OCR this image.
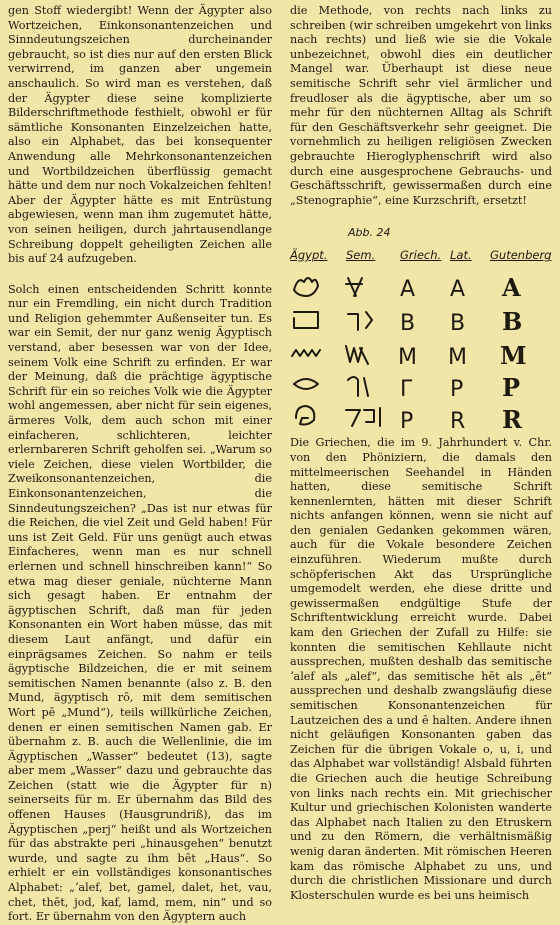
gen Stoff wiedergibt! Wenn der Ägypter also Wortzeichen, Einkonsonantenzeichen und Sinndeutungszeichen durcheinander gebraucht, so ist dies nur auf den ersten Blick verwirrend, im ganzen aber ungemein anschaulich. So wird man es verstehen, daß der Ägypter diese seine komplizierte Bilderschriftmethode festhielt, obwohl er für sämtliche Konsonanten Einzelzeichen hatte, also ein Alphabet, das bei konsequenter Anwendung alle Mehrkonsonantenzeichen und Wortbildzeichen überflüssig gemacht hätte und dem nur noch Vokalzeichen fehlten! Aber der Ägypter hätte es mit Entrüstung abgewiesen, wenn man ihm zugemutet hätte, von seinen heiligen, durch jahrtausendlange Schreibung doppelt geheiligten Zeichen alle bis auf 24 aufzugeben.

Solch einen entscheidenden Schritt konnte nur ein Fremdling, ein nicht durch Tradition und Religion gehemmter Außenseiter tun. Es war ein Semit, der nur ganz wenig Ägyptisch verstand, aber besessen war von der Idee, seinem Volk eine Schrift zu erfinden. Er war der Meinung, daß die prächtige ägyptische Schrift für ein so reiches Volk wie die Ägypter wohl angemessen, aber nicht für sein eigenes, ärmeres Volk, dem auch schon mit einer einfacheren, schlichteren, leichter erlernbareren Schrift geholfen sei. „Warum so viele Zeichen, diese vielen Wortbilder, die Zweikonsonantenzeichen, die Einkonsonantenzeichen, die Sinndeutungszeichen? „Das ist nur etwas für die Reichen, die viel Zeit und Geld haben! Für uns ist Zeit Geld. Für uns genügt auch etwas Einfacheres, wenn man es nur schnell erlernen und schnell hinschreiben kann!“ So etwa mag dieser geniale, nüchterne Mann sich gesagt haben. Er entnahm der ägyptischen Schrift, daß man für jeden Konsonanten ein Wort haben müsse, das mit diesem Laut anfängt, und dafür ein einprägsames Zeichen. So nahm er teils ägyptische Bildzeichen, die er mit seinem semitischen Namen benannte (also z. B. den Mund, ägyptisch rō, mit dem semitischen Wort pē „Mund“), teils willkürliche Zeichen, denen er einen semitischen Namen gab. Er übernahm z. B. auch die Wellenlinie, die im Ägyptischen „Wasser“ bedeutet (13), sagte aber mem „Wasser“ dazu und gebrauchte das Zeichen (statt wie die Ägypter für n) seinerseits für m. Er übernahm das Bild des offenen Hauses (Hausgrundriß), das im Ägyptischen „perj“ heißt und als Wortzeichen für das abstrakte peri „hinausgehen“ benutzt wurde, und sagte zu ihm bēt „Haus“. So erhielt er ein vollständiges konsonantisches Alphabet: „ʼalef, bet, gamel, dalet, het, vau, chet, thēt, jod, kaf, lamd, mem, nin“ und so fort. Er übernahm von den Ägyptern auch

die Methode, von rechts nach links zu schreiben (wir schreiben umgekehrt von links nach rechts) und ließ wie sie die Vokale unbezeichnet, obwohl dies ein deutlicher Mangel war. Überhaupt ist diese neue semitische Schrift sehr viel ärmlicher und freudloser als die ägyptische, aber um so mehr für den nüchternen Alltag als Schrift für den Geschäftsverkehr sehr geeignet. Die vornehmlich zu heiligen religiösen Zwecken gebrauchte Hieroglyphenschrift wird also durch eine ausgesprochene Gebrauchs- und Geschäftsschrift, gewissermaßen durch eine „Stenographie“, eine Kurzschrift, ersetzt!

Abb. 24
Ägypt. Sem. Griech. Lat. Gutenberg
A A
B B
M M
Γ P
P R
A
B
M
P
R

Die Griechen, die im 9. Jahrhundert v. Chr. von den Phöniziern, die damals den mittelmeerischen Seehandel in Händen hatten, diese semitische Schrift kennenlernten, hätten mit dieser Schrift nichts anfangen können, wenn sie nicht auf den genialen Gedanken gekommen wären, auch für die Vokale besondere Zeichen einzuführen. Wiederum mußte durch schöpferischen Akt das Ursprüngliche umgemodelt werden, ehe diese dritte und gewissermaßen endgültige Stufe der Schriftentwicklung erreicht wurde. Dabei kam den Griechen der Zufall zu Hilfe: sie konnten die semitischen Kehllaute nicht aussprechen, mußten deshalb das semitische ʼalef als „alef“, das semitische hēt als „ēt“ aussprechen und deshalb zwangsläufig diese semitischen Konsonantenzeichen für Lautzeichen des a und ē halten. Andere ihnen nicht geläufigen Konsonanten gaben das Zeichen für die übrigen Vokale o, u, i, und das Alphabet war vollständig! Alsbald führten die Griechen auch die heutige Schreibung von links nach rechts ein. Mit griechischer Kultur und griechischen Kolonisten wanderte das Alphabet nach Italien zu den Etruskern und zu den Römern, die verhältnismäßig wenig daran änderten. Mit römischen Heeren kam das römische Alphabet zu uns, und durch die christlichen Missionare und durch Klosterschulen wurde es bei uns heimisch
